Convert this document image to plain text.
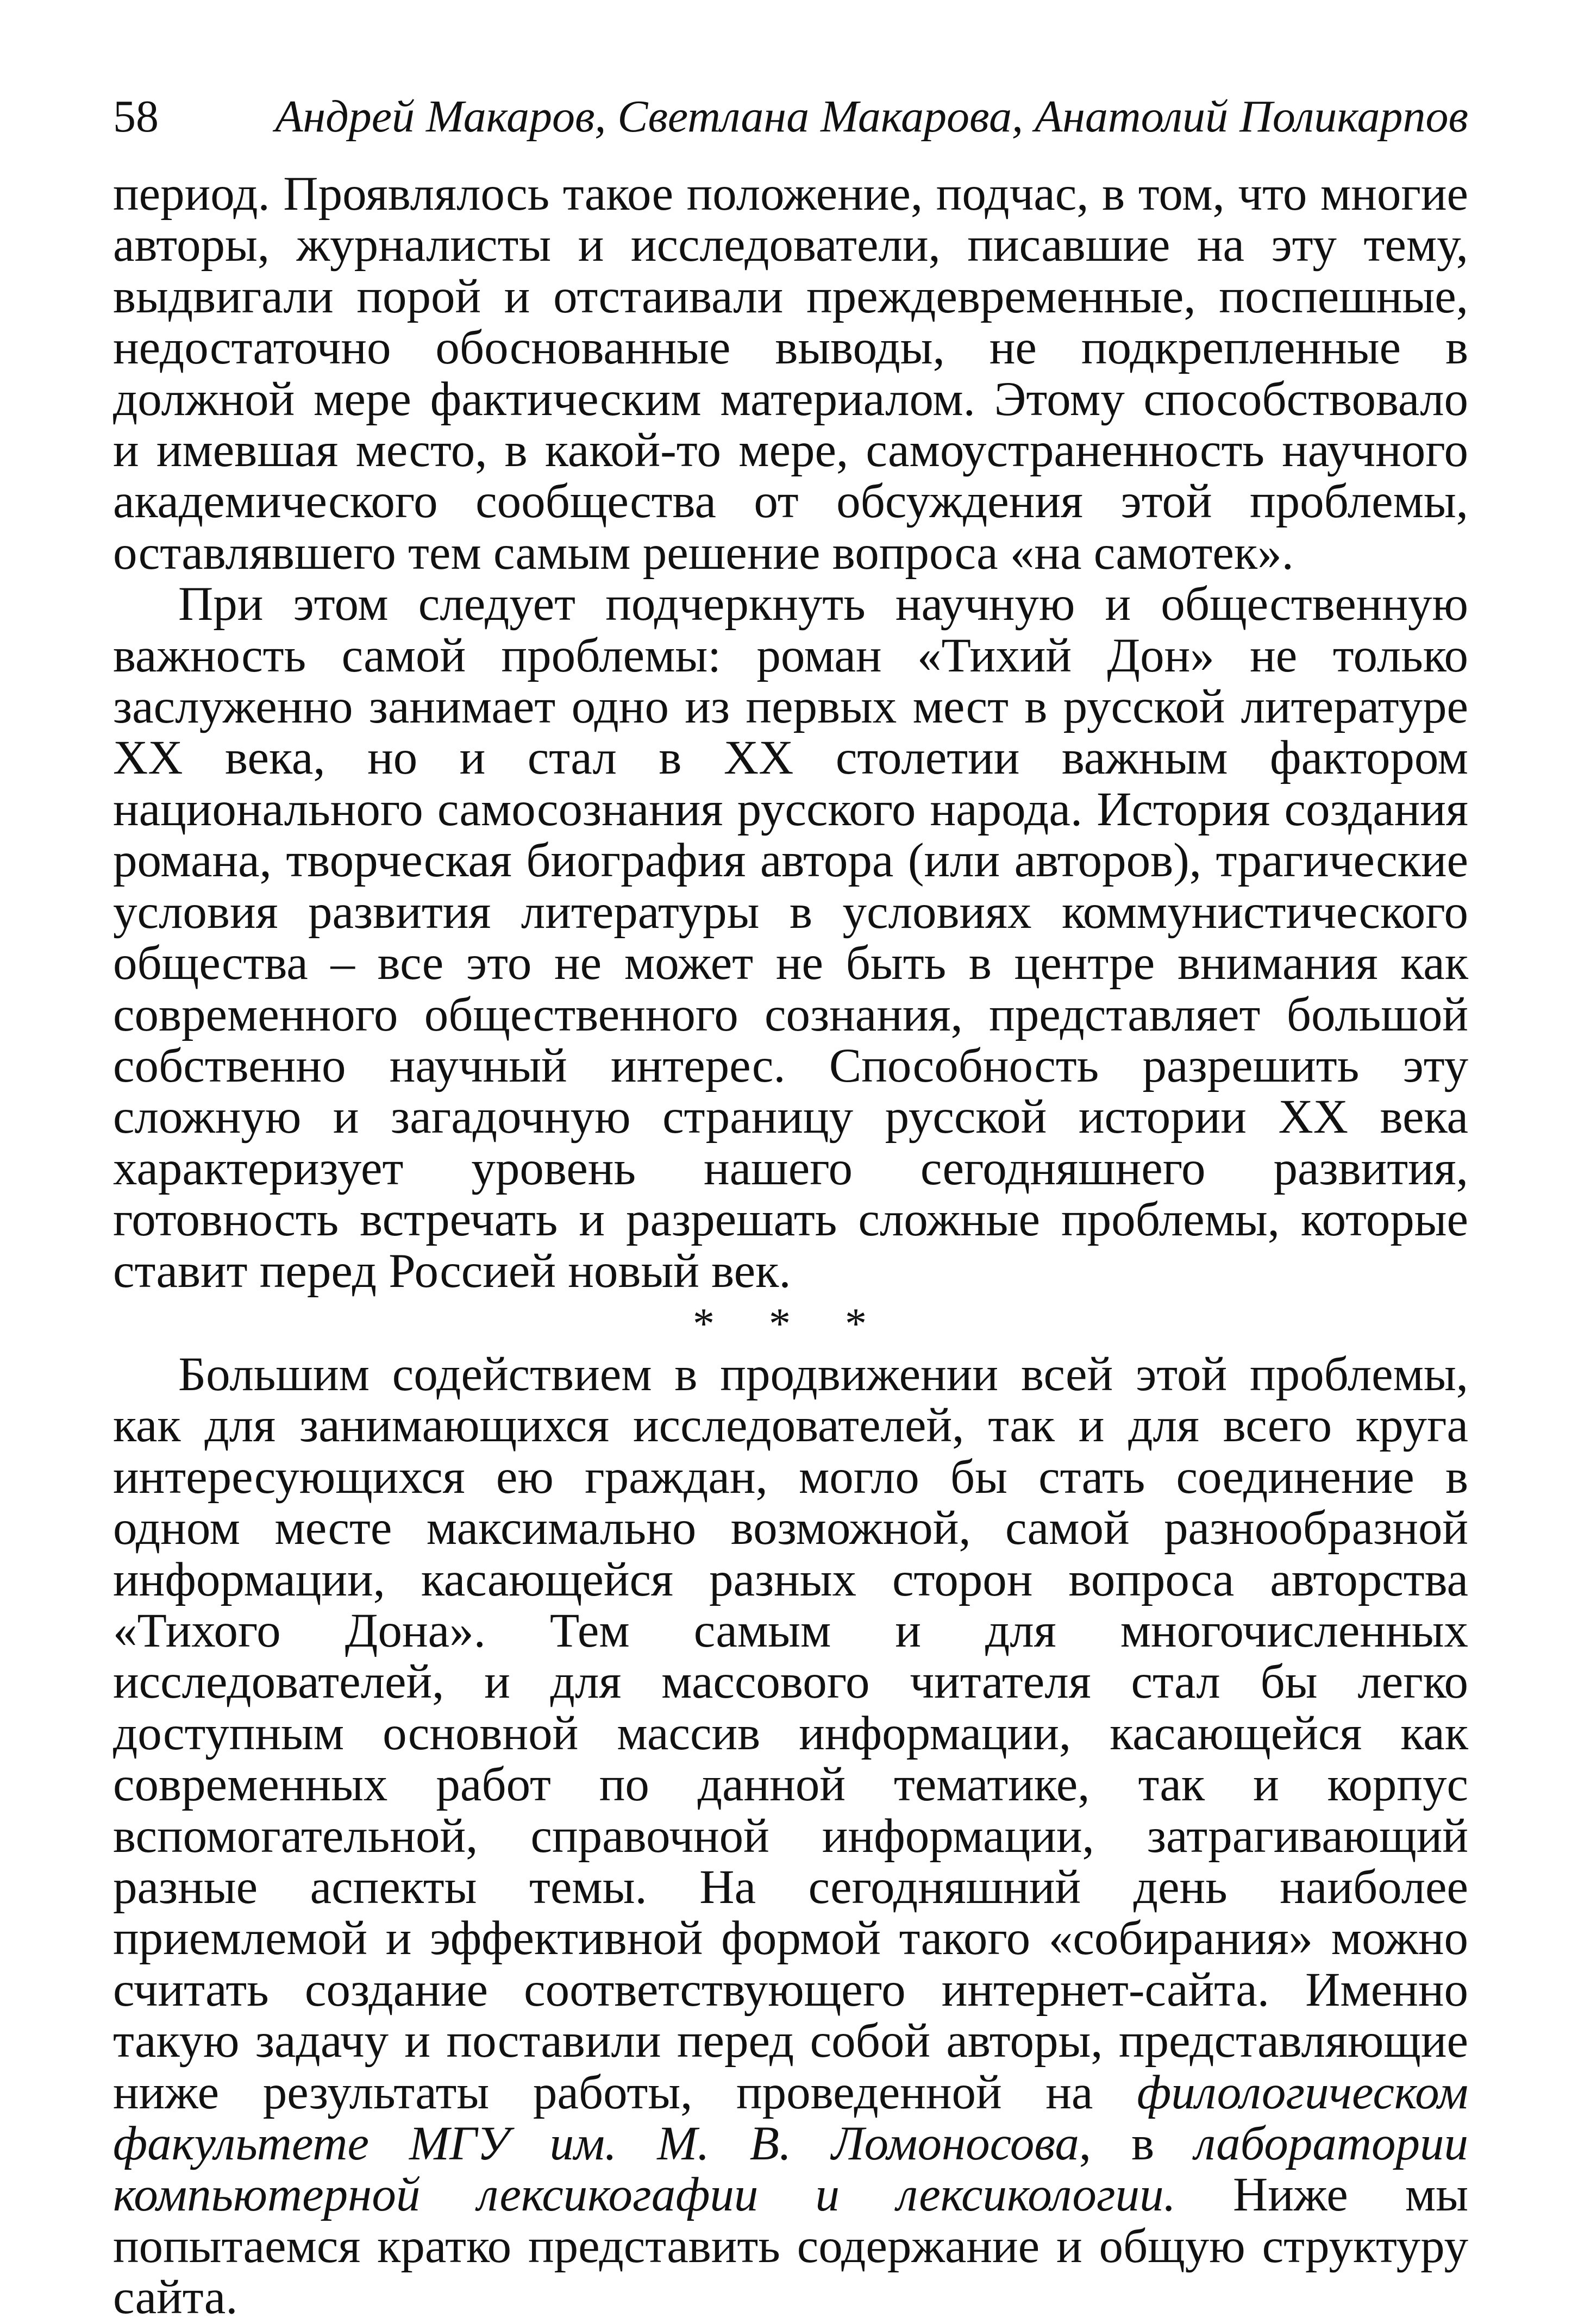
58	Андрей Макаров, Светлана Макарова, Анатолий Поликарпов

период. Проявлялось такое положение, подчас, в том, что многие авторы, журналисты и исследователи, писавшие на эту тему, выдвигали порой и отстаивали преждевременные, поспешные, недостаточно обоснованные выводы, не подкрепленные в должной мере фактическим материалом. Этому способствовало и имевшая место, в какой-то мере, самоустраненность научного академического сообщества от обсуждения этой проблемы, оставлявшего тем самым решение вопроса «на самотек».

При этом следует подчеркнуть научную и общественную важность самой проблемы: роман «Тихий Дон» не только заслуженно занимает одно из первых мест в русской литературе XX века, но и стал в XX столетии важным фактором национального самосознания русского народа. История создания романа, творческая биография автора (или авторов), трагические условия развития литературы в условиях коммунистического общества – все это не может не быть в центре внимания как современного общественного сознания, представляет большой собственно научный интерес. Способность разрешить эту сложную и загадочную страницу русской истории XX века характеризует уровень нашего сегодняшнего развития, готовность встречать и разрешать сложные проблемы, которые ставит перед Россией новый век.

* * *

Большим содействием в продвижении всей этой проблемы, как для занимающихся исследователей, так и для всего круга интересующихся ею граждан, могло бы стать соединение в одном месте максимально возможной, самой разнообразной информации, касающейся разных сторон вопроса авторства «Тихого Дона». Тем самым и для многочисленных исследователей, и для массового читателя стал бы легко доступным основной массив информации, касающейся как современных работ по данной тематике, так и корпус вспомогательной, справочной информации, затрагивающий разные аспекты темы. На сегодняшний день наиболее приемлемой и эффективной формой такого «собирания» можно считать создание соответствующего интернет-сайта. Именно такую задачу и поставили перед собой авторы, представляющие ниже результаты работы, проведенной на филологическом факультете МГУ им. М. В. Ломоносова, в лаборатории компьютерной лексикогафии и лексикологии. Ниже мы попытаемся кратко представить содержание и общую структуру сайта.
